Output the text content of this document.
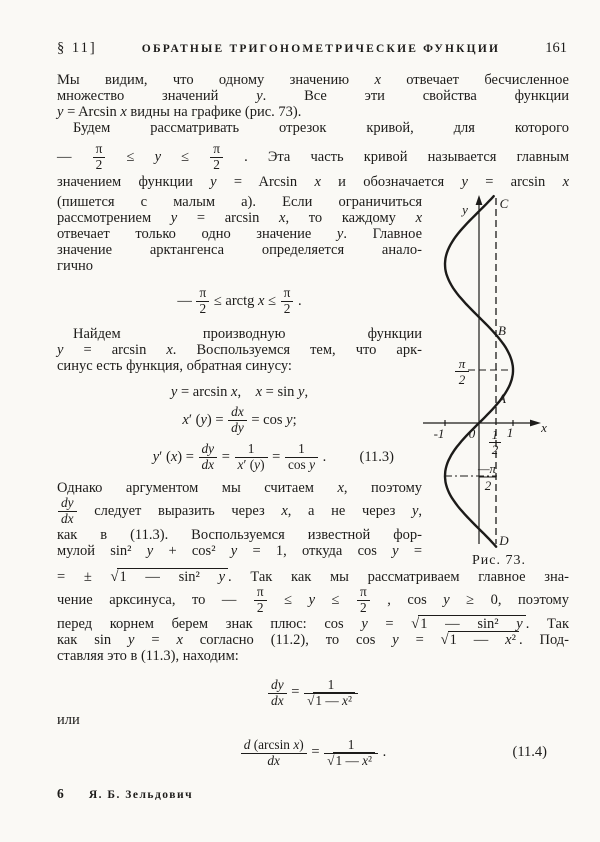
§ 11]	ОБРАТНЫЕ ТРИГОНОМЕТРИЧЕСКИЕ ФУНКЦИИ	161
Мы видим, что одному значению x отвечает бесчисленное
множество значений y. Все эти свойства функции
y = Arcsin x видны на графике (рис. 73).
Будем рассматривать отрезок кривой, для которого
— $\frac{\pi}{2} \le y \le \frac{\pi}{2}$ . Эта часть кривой называется главным
значением функции y = Arcsin x и обозначается y = arcsin x
(пишется с малым а). Если ограничиться
рассмотрением y = arcsin x, то каждому x
отвечает только одно значение y. Главное
значение арктангенса определяется анало-
гично
— $\frac{\pi}{2}$ ≤ arctg $x \le \frac{\pi}{2}$ .
Найдем производную функции
y = arcsin x. Воспользуемся тем, что арк-
синус есть функция, обратная синусу:
y = arcsin x,  x = sin y,
x′ $(y) = \frac{dx}{dy} = \cos y$;
y′ $(x) = \frac{dy}{dx} = \frac{1}{x' (y)} = \frac{1}{\text{cos y}}$ . (11.3)
Однако аргументом мы считаем x, поэтому
$\frac{dy}{dx}$ следует выразить через x, а не через y,
как в (11.3). Воспользуемся известной фор-
мулой sin² y + cos² y = 1, откуда cos y =
= ± √1 — sin² y . Так как мы рассматриваем главное зна-
чение арксинуса, то — $\frac{\pi}{2} \le y \le \frac{\pi}{2}$ , cos y ≥ 0, поэтому
перед корнем берем знак плюс: cos y = √1 — sin² y . Так
как sin y = x согласно (11.2), то cos y = √1 — x² . Под-
ставляя это в (11.3), находим:
$\frac{dy}{dx} = \frac{1}{\text{√1 — x²}}$
или
$\frac{\text{d (arcsin x)}}{dx} = \frac{1}{\text{√1 — x²}}$ .	(11.4)
y
x
C
B
A
D
0
-1	1
1
2
π
2
—π
2
Рис. 73.
6 Я. Б. Зельдович
